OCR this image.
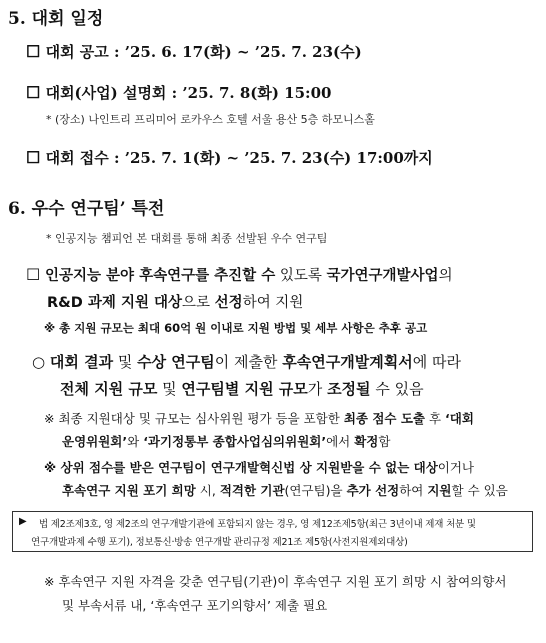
5. 대회 일정
☐ 대회 공고 : ’25. 6. 17(화) ~ ’25. 7. 23(수)
☐ 대회(사업) 설명회 : ’25. 7. 8(화) 15:00
* (장소) 나인트리 프리미어 로카우스 호텔 서울 용산 5층 하모니스홀
☐ 대회 접수 : ’25. 7. 1(화) ~ ’25. 7. 23(수) 17:00까지
6. 우수 연구팀’ 특전
* 인공지능 챔피언 본 대회를 통해 최종 선발된 우수 연구팀
☐ 인공지능 분야 후속연구를 추진할 수 있도록 국가연구개발사업의
R&D 과제 지원 대상으로 선정하여 지원
※ 총 지원 규모는 최대 60억 원 이내로 지원 방법 및 세부 사항은 추후 공고
○ 대회 결과 및 수상 연구팀이 제출한 후속연구개발계획서에 따라
전체 지원 규모 및 연구팀별 지원 규모가 조정될 수 있음
※ 최종 지원대상 및 규모는 심사위원 평가 등을 포함한 최종 점수 도출 후 ‘대회
운영위원회’와 ‘과기정통부 종합사업심의위원회’에서 확정함
※ 상위 점수를 받은 연구팀이 연구개발혁신법 상 지원받을 수 없는 대상이거나
후속연구 지원 포기 희망 시, 적격한 기관(연구팀)을 추가 선정하여 지원할 수 있음
▶ 법 제2조제3호, 영 제2조의 연구개발기관에 포함되지 않는 경우, 영 제12조제5항(최근 3년이내 제재 처분 및
연구개발과제 수행 포기), 정보통신·방송 연구개발 관리규정 제21조 제5항(사전지원제외대상)
※ 후속연구 지원 자격을 갖춘 연구팀(기관)이 후속연구 지원 포기 희망 시 참여의향서
및 부속서류 내, ‘후속연구 포기의향서’ 제출 필요
